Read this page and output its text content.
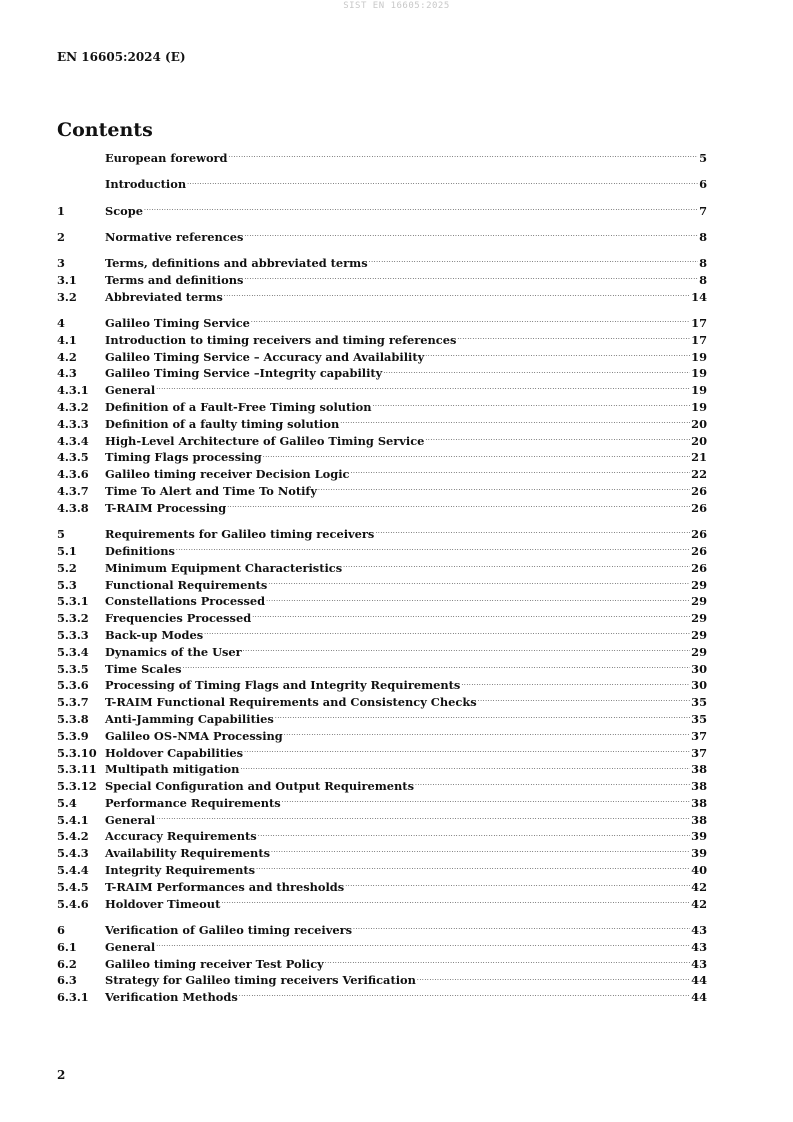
SIST EN 16605:2025
EN 16605:2024 (E)
Contents
European foreword .....	5
Introduction .....	6
1	Scope .....	7
2	Normative references .....	8
3	Terms, definitions and abbreviated terms .....	8
3.1	Terms and definitions .....	8
3.2	Abbreviated terms .....	14
4	Galileo Timing Service .....	17
4.1	Introduction to timing receivers and timing references .....	17
4.2	Galileo Timing Service – Accuracy and Availability .....	19
4.3	Galileo Timing Service –Integrity capability .....	19
4.3.1	General .....	19
4.3.2	Definition of a Fault-Free Timing solution .....	19
4.3.3	Definition of a faulty timing solution .....	20
4.3.4	High-Level Architecture of Galileo Timing Service .....	20
4.3.5	Timing Flags processing .....	21
4.3.6	Galileo timing receiver Decision Logic .....	22
4.3.7	Time To Alert and Time To Notify .....	26
4.3.8	T-RAIM Processing .....	26
5	Requirements for Galileo timing receivers .....	26
5.1	Definitions .....	26
5.2	Minimum Equipment Characteristics .....	26
5.3	Functional Requirements .....	29
5.3.1	Constellations Processed .....	29
5.3.2	Frequencies Processed .....	29
5.3.3	Back-up Modes .....	29
5.3.4	Dynamics of the User .....	29
5.3.5	Time Scales .....	30
5.3.6	Processing of Timing Flags and Integrity Requirements .....	30
5.3.7	T-RAIM Functional Requirements and Consistency Checks .....	35
5.3.8	Anti-Jamming Capabilities .....	35
5.3.9	Galileo OS-NMA Processing .....	37
5.3.10 Holdover Capabilities .....	37
5.3.11 Multipath mitigation .....	38
5.3.12 Special Configuration and Output Requirements .....	38
5.4	Performance Requirements .....	38
5.4.1	General .....	38
5.4.2	Accuracy Requirements .....	39
5.4.3	Availability Requirements .....	39
5.4.4	Integrity Requirements .....	40
5.4.5	T-RAIM Performances and thresholds .....	42
5.4.6	Holdover Timeout .....	42
6	Verification of Galileo timing receivers .....	43
6.1	General .....	43
6.2	Galileo timing receiver Test Policy .....	43
6.3	Strategy for Galileo timing receivers Verification .....	44
6.3.1	Verification Methods .....	44
2
